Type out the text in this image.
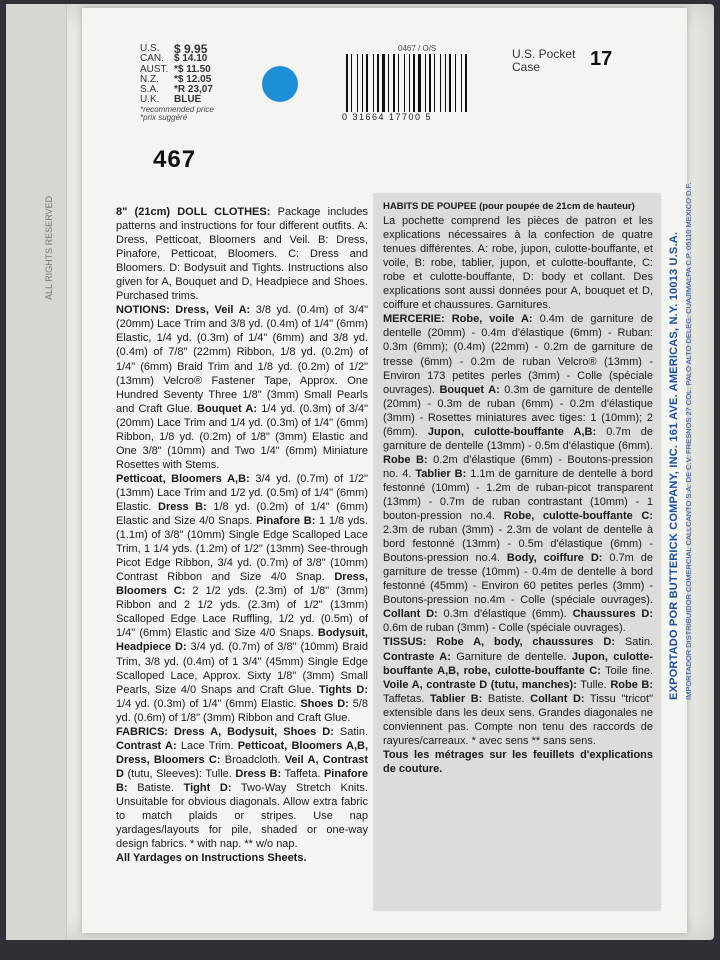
ALL RIGHTS RESERVED
U.S.	$ 9.95
CAN.	$ 14.10
AUST. *$ 11.50
N.Z.	*$ 12.05
S.A.	*R 23,07
U.K.	BLUE
*recommended price
*prix suggéré
467
0467 / O/S
0 31664 17700 5
U.S. Pocket
Case	17

8" (21cm) DOLL CLOTHES: Package includes patterns and instructions for four different outfits. A: Dress, Petticoat, Bloomers and Veil. B: Dress, Pinafore, Petticoat, Bloomers. C: Dress and Bloomers. D: Bodysuit and Tights. Instructions also given for A, Bouquet and D, Headpiece and Shoes. Purchased trims.

NOTIONS: Dress, Veil A: 3/8 yd. (0.4m) of 3/4" (20mm) Lace Trim and 3/8 yd. (0.4m) of 1/4" (6mm) Elastic, 1/4 yd. (0.3m) of 1/4" (6mm) and 3/8 yd. (0.4m) of 7/8" (22mm) Ribbon, 1/8 yd. (0.2m) of 1/4" (6mm) Braid Trim and 1/8 yd. (0.2m) of 1/2" (13mm) Velcro® Fastener Tape, Approx. One Hundred Seventy Three 1/8" (3mm) Small Pearls and Craft Glue. Bouquet A: 1/4 yd. (0.3m) of 3/4" (20mm) Lace Trim and 1/4 yd. (0.3m) of 1/4" (6mm) Ribbon, 1/8 yd. (0.2m) of 1/8" (3mm) Elastic and One 3/8" (10mm) and Two 1/4" (6mm) Miniature Rosettes with Stems.

Petticoat, Bloomers A,B: 3/4 yd. (0.7m) of 1/2" (13mm) Lace Trim and 1/2 yd. (0.5m) of 1/4" (6mm) Elastic. Dress B: 1/8 yd. (0.2m) of 1/4" (6mm) Elastic and Size 4/0 Snaps. Pinafore B: 1 1/8 yds. (1.1m) of 3/8" (10mm) Single Edge Scalloped Lace Trim, 1 1/4 yds. (1.2m) of 1/2" (13mm) See-through Picot Edge Ribbon, 3/4 yd. (0.7m) of 3/8" (10mm) Contrast Ribbon and Size 4/0 Snap. Dress, Bloomers C: 2 1/2 yds. (2.3m) of 1/8" (3mm) Ribbon and 2 1/2 yds. (2.3m) of 1/2" (13mm) Scalloped Edge Lace Ruffling, 1/2 yd. (0.5m) of 1/4" (6mm) Elastic and Size 4/0 Snaps. Bodysuit, Headpiece D: 3/4 yd. (0.7m) of 3/8" (10mm) Braid Trim, 3/8 yd. (0.4m) of 1 3/4" (45mm) Single Edge Scalloped Lace, Approx. Sixty 1/8" (3mm) Small Pearls, Size 4/0 Snaps and Craft Glue. Tights D: 1/4 yd. (0.3m) of 1/4" (6mm) Elastic. Shoes D: 5/8 yd. (0.6m) of 1/8" (3mm) Ribbon and Craft Glue.

FABRICS: Dress A, Bodysuit, Shoes D: Satin. Contrast A: Lace Trim. Petticoat, Bloomers A,B, Dress, Bloomers C: Broadcloth. Veil A, Contrast D (tutu, Sleeves): Tulle. Dress B: Taffeta. Pinafore B: Batiste. Tight D: Two-Way Stretch Knits. Unsuitable for obvious diagonals. Allow extra fabric to match plaids or stripes. Use nap yardages/layouts for pile, shaded or one-way design fabrics. * with nap. ** w/o nap.

All Yardages on Instructions Sheets.

HABITS DE POUPEE (pour poupée de 21cm de hauteur)

La pochette comprend les pièces de patron et les explications nécessaires à la confection de quatre tenues différentes. A: robe, jupon, culotte-bouffante, et voile, B: robe, tablier, jupon, et culotte-bouffante, C: robe et culotte-bouffante, D: body et collant. Des explications sont aussi données pour A, bouquet et D, coiffure et chaussures. Garnitures.

MERCERIE: Robe, voile A: 0.4m de garniture de dentelle (20mm) - 0.4m d'élastique (6mm) - Ruban: 0.3m (6mm); (0.4m) (22mm) - 0.2m de garniture de tresse (6mm) - 0.2m de ruban Velcro® (13mm) - Environ 173 petites perles (3mm) - Colle (spéciale ouvrages). Bouquet A: 0.3m de garniture de dentelle (20mm) - 0.3m de ruban (6mm) - 0.2m d'élastique (3mm) - Rosettes miniatures avec tiges: 1 (10mm); 2 (6mm). Jupon, culotte-bouffante A,B: 0.7m de garniture de dentelle (13mm) - 0.5m d'élastique (6mm). Robe B: 0.2m d'élastique (6mm) - Boutons-pression no. 4. Tablier B: 1.1m de garniture de dentelle à bord festonné (10mm) - 1.2m de ruban-picot transparent (13mm) - 0.7m de ruban contrastant (10mm) - 1 bouton-pression no.4. Robe, culotte-bouffante C: 2.3m de ruban (3mm) - 2.3m de volant de dentelle à bord festonné (13mm) - 0.5m d'élastique (6mm) - Boutons-pression no.4. Body, coiffure D: 0.7m de garniture de tresse (10mm) - 0.4m de dentelle à bord festonné (45mm) - Environ 60 petites perles (3mm) - Boutons-pression no.4m - Colle (spéciale ouvrages). Collant D: 0.3m d'élastique (6mm). Chaussures D: 0.6m de ruban (3mm) - Colle (spéciale ouvrages).

TISSUS: Robe A, body, chaussures D: Satin. Contraste A: Garniture de dentelle. Jupon, culotte-bouffante A,B, robe, culotte-bouffante C: Toile fine. Voile A, contraste D (tutu, manches): Tulle. Robe B: Taffetas. Tablier B: Batiste. Collant D: Tissu "tricot" extensible dans les deux sens. Grandes diagonales ne conviennent pas. Compte non tenu des raccords de rayures/carreaux. * avec sens ** sans sens.

Tous les métrages sur les feuillets d'explications de couture.

EXPORTADO POR BUTTERICK COMPANY, INC. 161 AVE. AMERICAS, N.Y. 10013 U.S.A. IMPORTADOR DISTRIBUIDOR COMERCIAL CALLCANTO S.A. DE C.V. FRESNOS 27 COL. PALO ALTO DELEG. CUAJIMALPA C.P. 05110 MEXICO D.F.
